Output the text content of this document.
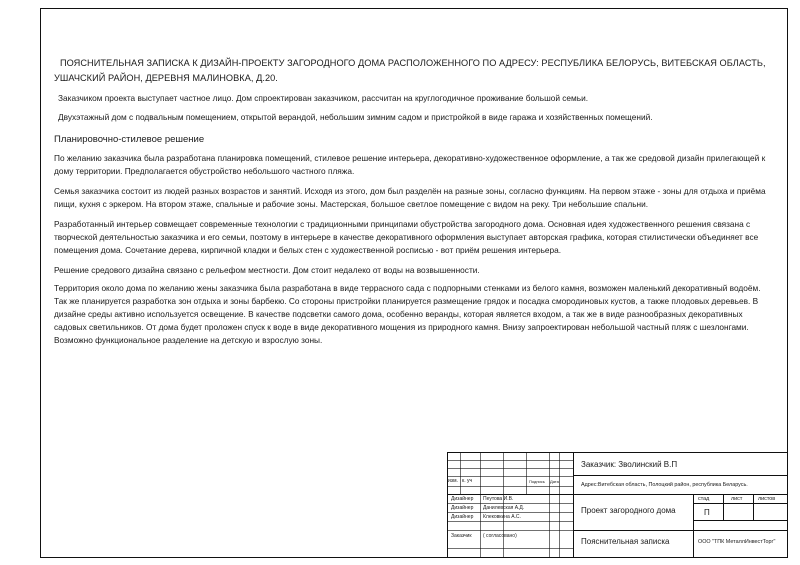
ПОЯСНИТЕЛЬНАЯ ЗАПИСКА К ДИЗАЙН-ПРОЕКТУ ЗАГОРОДНОГО ДОМА РАСПОЛОЖЕННОГО ПО АДРЕСУ: РЕСПУБЛИКА БЕЛОРУСЬ, ВИТЕБСКАЯ ОБЛАСТЬ,
УШАЧСКИЙ РАЙОН, ДЕРЕВНЯ МАЛИНОВКА, Д.20.
Заказчиком проекта выступает частное лицо. Дом спроектирован заказчиком, рассчитан на круглогодичное проживание большой семьи.
Двухэтажный дом с подвальным помещением, открытой верандой, небольшим зимним садом и пристройкой в виде гаража и хозяйственных помещений.
Планировочно-стилевое решение
По желанию заказчика была разработана планировка помещений, стилевое решение интерьера, декоративно-художественное оформление, а так же средовой дизайн прилегающей к дому территории. Предполагается обустройство небольшого частного пляжа.
Семья заказчика состоит из людей разных возрастов и занятий. Исходя из этого, дом был разделён на разные зоны, согласно функциям. На первом этаже - зоны для отдыха и приёма пищи, кухня с эркером. На втором этаже, спальные и рабочие зоны. Мастерская, большое светлое помещение с видом на реку. Три небольшие спальни.
Разработанный интерьер совмещает современные технологии с традиционными принципами обустройства загородного дома. Основная идея художественного решения связана с творческой деятельностью заказчика и его семьи, поэтому в интерьере в качестве декоративного оформления выступает авторская графика, которая стилистически объединяет все помещения дома. Сочетание дерева, кирпичной кладки и белых стен с художественной росписью - вот приём решения интерьера.
Решение средового дизайна связано с рельефом местности. Дом стоит недалеко от воды на возвышенности.
Территория около дома по желанию жены заказчика была разработана в виде террасного сада с подпорными стенками из белого камня, возможен маленький декоративный водоём. Так же планируется разработка зон отдыха и зоны барбекю. Со стороны пристройки планируется размещение грядок и посадка смородиновых кустов, а также плодовых деревьев. В дизайне среды активно используется освещение. В качестве подсветки самого дома, особенно веранды, которая является входом, а так же в виде разнообразных декоративных садовых светильников. От дома будет проложен спуск к воде в виде декоративного мощения из природного камня. Внизу запроектирован небольшой частный пляж с шезлонгами. Возможно функциональное разделение на детскую и взрослую зоны.
изм. к. уч	Подпись Дата
Дизайнер Пеутова И.В.
Дизайнер Данилевская А.Д.
Дизайнер Клековкина А.С.
Заказчик ( согласовано)
Заказчик: Зволинский В.П
Адрес:Витебская область, Полоцкий район, республика Беларусь.
Проект загородного дома
Пояснительная записка
стад	лист	листов
П
ООО "ТПК МеталлИнвестТорг"
